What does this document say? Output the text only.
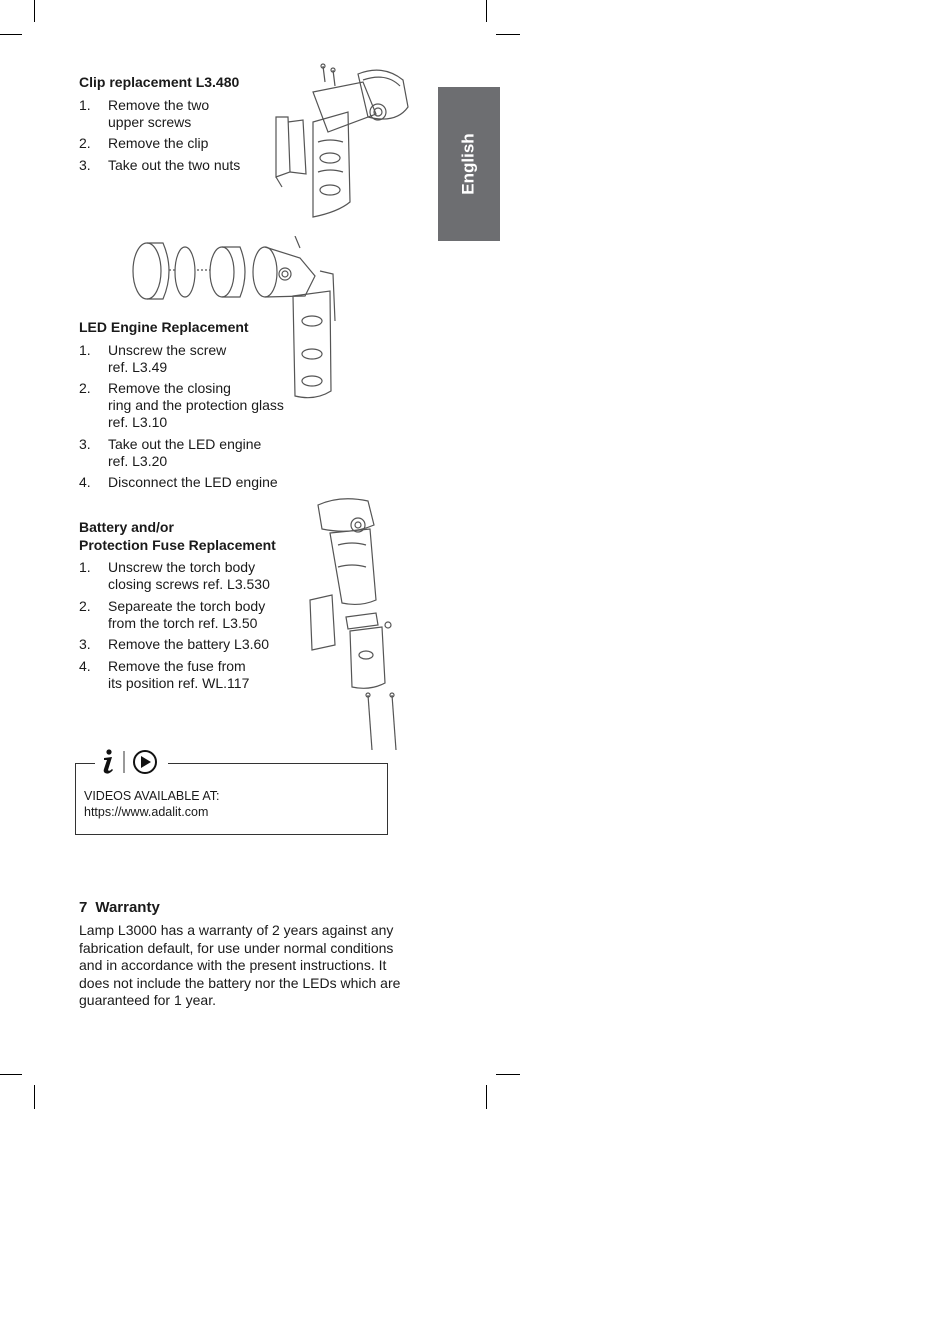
English
Clip replacement L3.480
1. Remove the two
upper screws
2. Remove the clip
3. Take out the two nuts
LED Engine Replacement
1. Unscrew the screw
ref. L3.49
2. Remove the closing
ring and the protection glass
ref. L3.10
3. Take out the LED engine
ref. L3.20
4. Disconnect the LED engine
Battery and/or
Protection Fuse Replacement
1. Unscrew the torch body
closing screws ref. L3.530
2. Separeate the torch body
from the torch ref. L3.50
3. Remove the battery L3.60
4. Remove the fuse from
its position ref. WL.117
VIDEOS AVAILABLE AT:
https://www.adalit.com
7 Warranty
Lamp L3000 has a warranty of 2 years against any fabrication default, for use under normal conditions and in accordance with the present instructions. It does not include the battery nor the LEDs which are guaranteed for 1 year.
